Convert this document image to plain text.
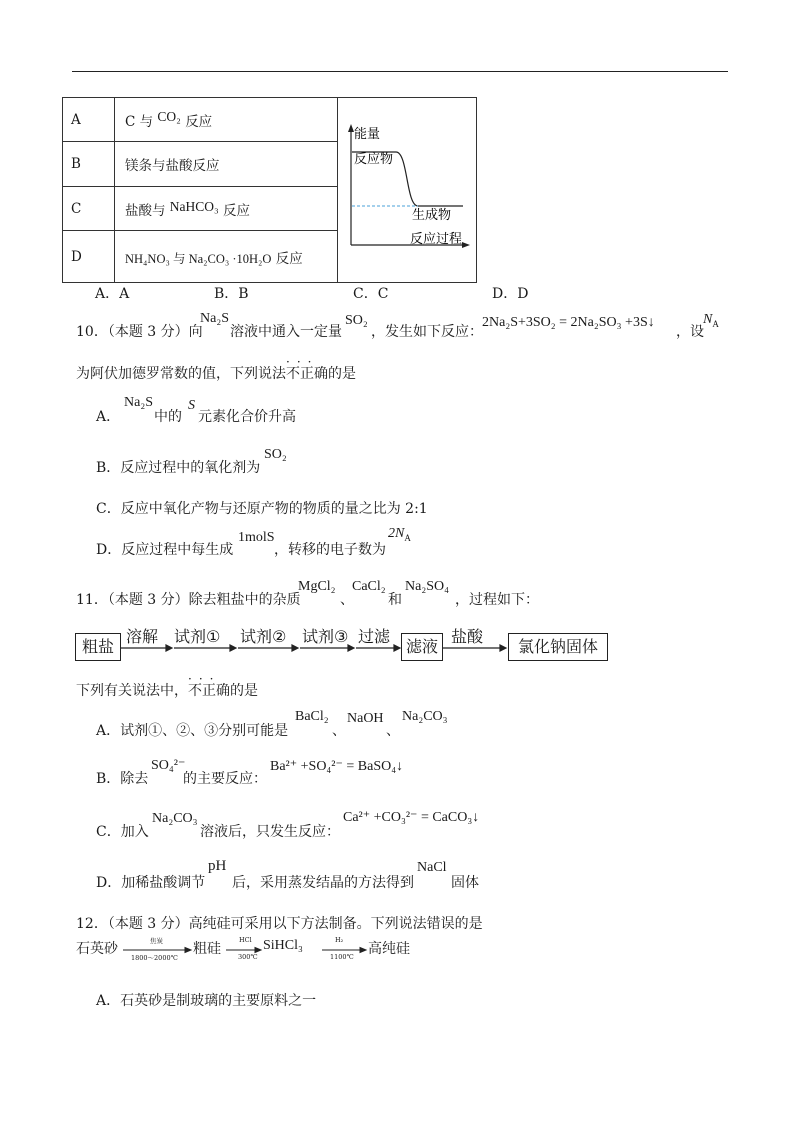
A	C 与 CO₂ 反应	能量
反应物
生成物
反应过程

B	镁条与盐酸反应	
C	盐酸与 NaHCO₃ 反应	
D	NH₄NO₃ 与 Na₂CO₃ ·10H₂O 反应	
A．A	B．B	C．C	D．D
10．（本题 3 分）向
Na₂S
溶液中通入一定量
SO₂
，发生如下反应：
2Na₂S+3SO₂ = 2Na₂SO₃ +3S↓
，设
$N_A$
为阿伏加德罗常数的值，下列说法不正确
···
的是
A．
Na₂S
中的
S
元素化合价升高
B．反应过程中的氧化剂为
SO₂
C．反应中氧化产物与还原产物的物质的量之比为 2:1
D．反应过程中每生成
1molS
，转移的电子数为
$2N_A$
11．（本题 3 分）除去粗盐中的杂质
MgCl₂
、
CaCl₂
和
Na₂SO₄
，过程如下：
粗盐
溶解 试剂① 试剂② 试剂③ 过滤
滤液
盐酸
氯化钠固体
下列有关说法中，不正确
···
的是
A．试剂①、②、③分别可能是
BaCl₂
、
NaOH
、
Na₂CO₃
B．除去
SO₄²⁻
的主要反应：
Ba²⁺ +SO₄²⁻ = BaSO₄↓
C．加入
Na₂CO₃
溶液后，只发生反应：
Ca²⁺ +CO₃²⁻ = CaCO₃↓
D．加稀盐酸调节
pH
后，采用蒸发结晶的方法得到
NaCl
固体
12．（本题 3 分）高纯硅可采用以下方法制备。下列说法错误的是
石英砂	焦炭
1800～2000℃
粗硅
HCl
300℃
SiHCl₃	H₂
1100℃ 高纯硅
A．石英砂是制玻璃的主要原料之一
